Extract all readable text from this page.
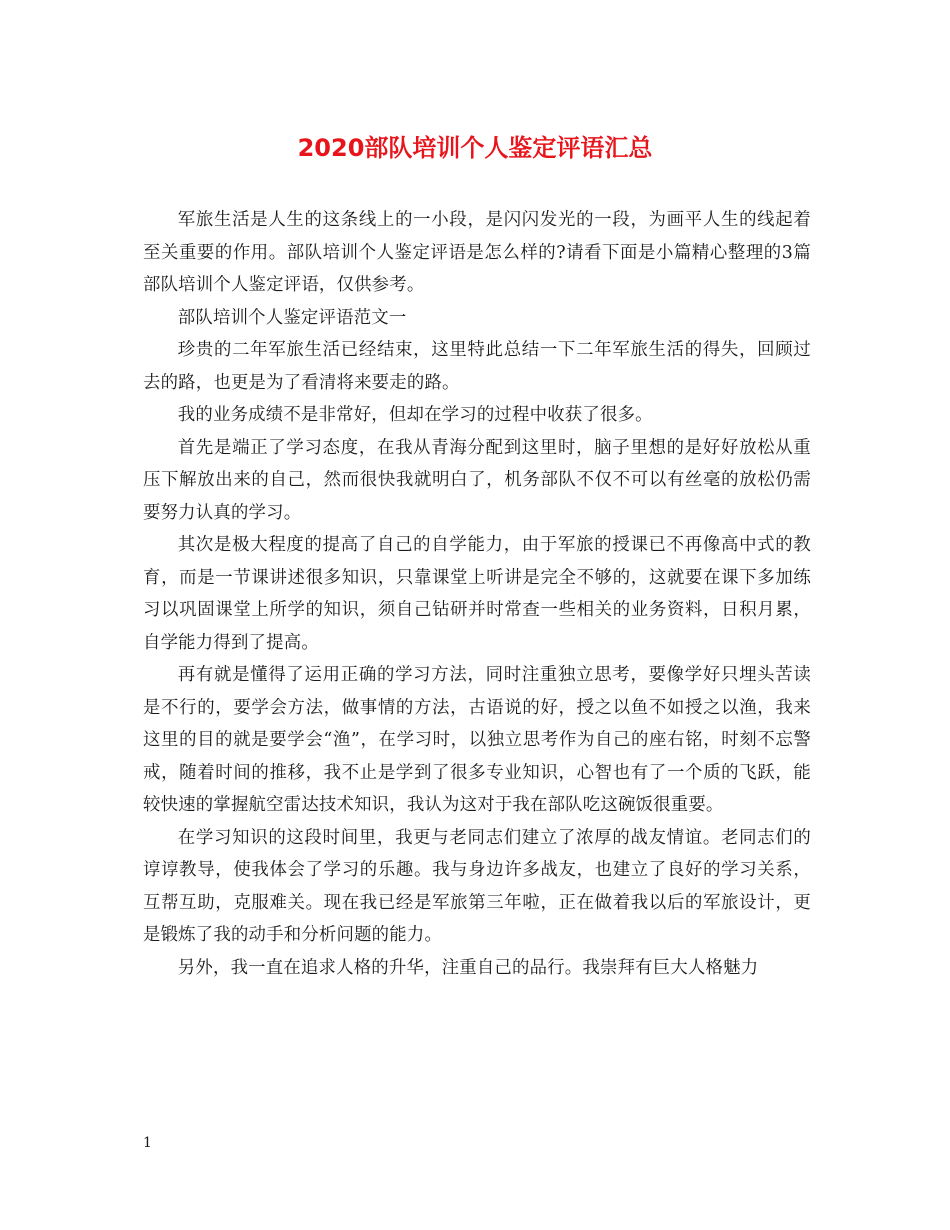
2020部队培训个人鉴定评语汇总

军旅生活是人生的这条线上的一小段，是闪闪发光的一段，为画平人生的线起着至关重要的作用。部队培训个人鉴定评语是怎么样的?请看下面是小篇精心整理的3篇部队培训个人鉴定评语，仅供参考。

部队培训个人鉴定评语范文一

珍贵的二年军旅生活已经结束，这里特此总结一下二年军旅生活的得失，回顾过去的路，也更是为了看清将来要走的路。

我的业务成绩不是非常好，但却在学习的过程中收获了很多。

首先是端正了学习态度，在我从青海分配到这里时，脑子里想的是好好放松从重压下解放出来的自己，然而很快我就明白了，机务部队不仅不可以有丝毫的放松仍需要努力认真的学习。

其次是极大程度的提高了自己的自学能力，由于军旅的授课已不再像高中式的教育，而是一节课讲述很多知识，只靠课堂上听讲是完全不够的，这就要在课下多加练习以巩固课堂上所学的知识，须自己钻研并时常查一些相关的业务资料，日积月累，自学能力得到了提高。

再有就是懂得了运用正确的学习方法，同时注重独立思考，要像学好只埋头苦读是不行的，要学会方法，做事情的方法，古语说的好，授之以鱼不如授之以渔，我来这里的目的就是要学会“渔”，在学习时，以独立思考作为自己的座右铭，时刻不忘警戒，随着时间的推移，我不止是学到了很多专业知识，心智也有了一个质的飞跃，能较快速的掌握航空雷达技术知识，我认为这对于我在部队吃这碗饭很重要。

在学习知识的这段时间里，我更与老同志们建立了浓厚的战友情谊。老同志们的谆谆教导，使我体会了学习的乐趣。我与身边许多战友，也建立了良好的学习关系，互帮互助，克服难关。现在我已经是军旅第三年啦，正在做着我以后的军旅设计，更是锻炼了我的动手和分析问题的能力。

另外，我一直在追求人格的升华，注重自己的品行。我崇拜有巨大人格魅力

1
